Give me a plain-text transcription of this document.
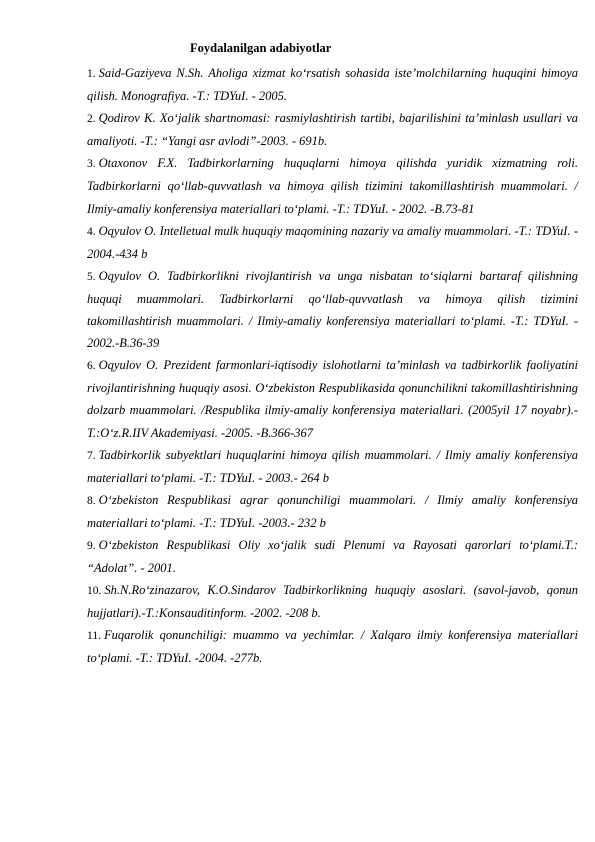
Foydalanilgan adabiyotlar
1. Said-Gaziyeva N.Sh. Aholiga xizmat ko‘rsatish sohasida iste’molchilarning huquqini himoya qilish. Monografiya. -T.: TDYuI. - 2005.
2. Qodirov K. Xo‘jalik shartnomasi: rasmiylashtirish tartibi, bajarilishini ta’minlash usullari va amaliyoti. -T.: “Yangi asr avlodi”-2003. - 691b.
3. Otaxonov F.X. Tadbirkorlarning huquqlarni himoya qilishda yuridik xizmatning roli. Tadbirkorlarni qo‘llab-quvvatlash va himoya qilish tizimini takomillashtirish muammolari. / Ilmiy-amaliy konferensiya materiallari to‘plami. -T.: TDYuI. - 2002. -B.73-81
4. Oqyulov O. Intelletual mulk huquqiy maqomining nazariy va amaliy muammolari. -T.: TDYuI. - 2004.-434 b
5. Oqyulov O. Tadbirkorlikni rivojlantirish va unga nisbatan to‘siqlarni bartaraf qilishning huquqi muammolari. Tadbirkorlarni qo‘llab-quvvatlash va himoya qilish tizimini takomillashtirish muammolari. / Ilmiy-amaliy konferensiya materiallari to‘plami. -T.: TDYuI. - 2002.-B.36-39
6. Oqyulov O. Prezident farmonlari-iqtisodiy islohotlarni ta’minlash va tadbirkorlik faoliyatini rivojlantirishning huquqiy asosi. O‘zbekiston Respublikasida qonunchilikni takomillashtirishning dolzarb muammolari. /Respublika ilmiy-amaliy konferensiya materiallari. (2005yil 17 noyabr).- T.:O‘z.R.IIV Akademiyasi. -2005. -B.366-367
7. Tadbirkorlik subyektlari huquqlarini himoya qilish muammolari. / Ilmiy amaliy konferensiya materiallari to‘plami. -T.: TDYuI. - 2003.- 264 b
8. O‘zbekiston Respublikasi agrar qonunchiligi muammolari. / Ilmiy amaliy konferensiya materiallari to‘plami. -T.: TDYuI. -2003.- 232 b
9. O‘zbekiston Respublikasi Oliy xo‘jalik sudi Plenumi va Rayosati qarorlari to‘plami.T.: “Adolat”. - 2001.
10. Sh.N.Ro‘zinazarov, K.O.Sindarov Tadbirkorlikning huquqiy asoslari. (savol-javob, qonun hujjatlari).-T.:Konsauditinform. -2002. -208 b.
11. Fuqarolik qonunchiligi: muammo va yechimlar. / Xalqaro ilmiy konferensiya materiallari to‘plami. -T.: TDYuI. -2004. -277b.
